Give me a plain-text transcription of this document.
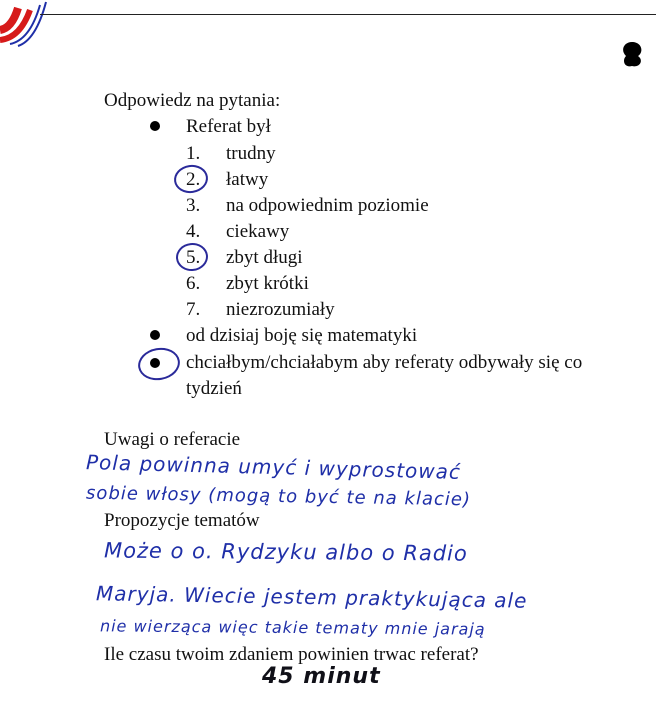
Odpowiedz na pytania:
Referat był
1. trudny
2. łatwy
3. na odpowiednim poziomie
4. ciekawy
5. zbyt długi
6. zbyt krótki
7. niezrozumiały
od dzisiaj boję się matematyki
chciałbym/chciałabym aby referaty odbywały się co
tydzień
Uwagi o referacie
Pola powinna umyć i wyprostować
sobie włosy (mogą to być te na klacie)
Propozycje tematów
Może o o. Rydzyku albo o Radio
Maryja. Wiecie jestem praktykująca ale
nie wierząca więc takie tematy mnie jarają
Ile czasu twoim zdaniem powinien trwac referat?
45 minut
